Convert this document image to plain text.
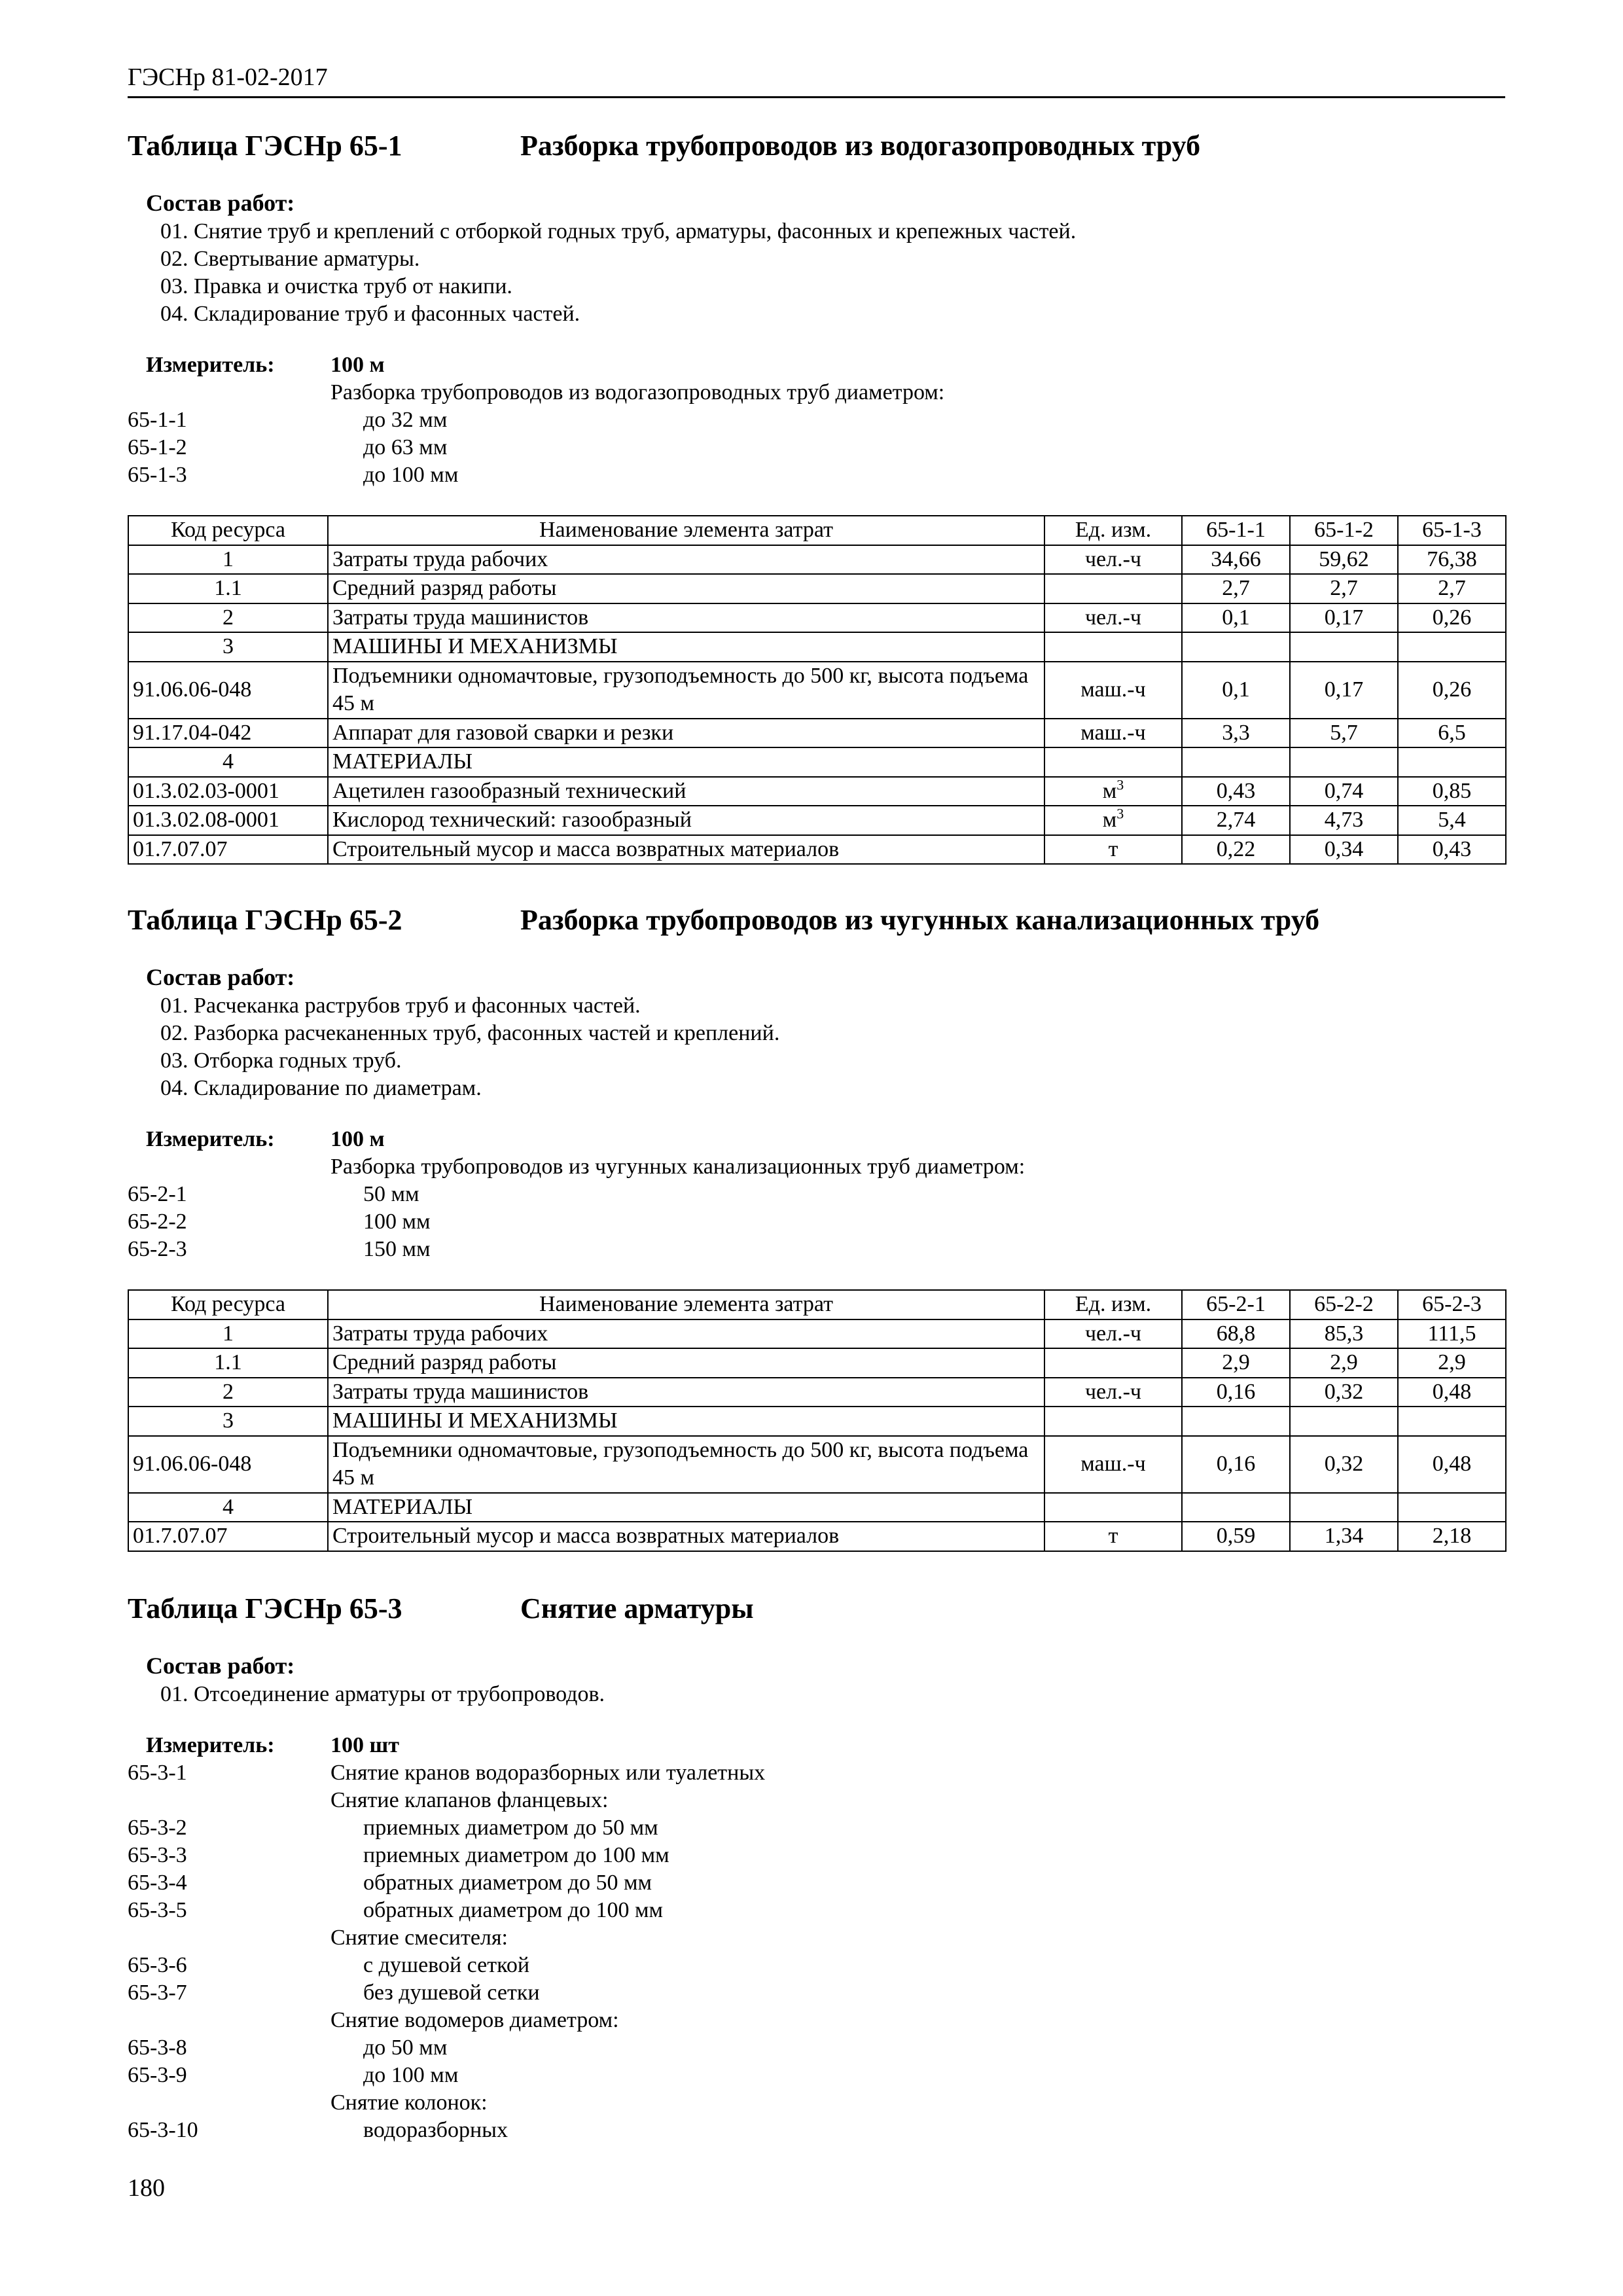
ГЭСНр 81-02-2017
Таблица ГЭСНр 65-1	Разборка трубопроводов из водогазопроводных труб
Состав работ:
01. Снятие труб и креплений с отборкой годных труб, арматуры, фасонных и крепежных частей.
02. Свертывание арматуры.
03. Правка и очистка труб от накипи.
04. Складирование труб и фасонных частей.
Измеритель:	100 м
Разборка трубопроводов из водогазопроводных труб диаметром:
65-1-1	до 32 мм
65-1-2	до 63 мм
65-1-3	до 100 мм
Код ресурса	Наименование элемента затрат	Ед. изм.	65-1-1	65-1-2	65-1-3
1	Затраты труда рабочих	чел.-ч	34,66	59,62	76,38
1.1	Средний разряд работы		2,7	2,7	2,7
2	Затраты труда машинистов	чел.-ч	0,1	0,17	0,26
3	МАШИНЫ И МЕХАНИЗМЫ				
91.06.06-048	Подъемники одномачтовые, грузоподъемность до 500 кг, высота подъема 45 м	маш.-ч	0,1	0,17	0,26
91.17.04-042	Аппарат для газовой сварки и резки	маш.-ч	3,3	5,7	6,5
4	МАТЕРИАЛЫ				
01.3.02.03-0001	Ацетилен газообразный технический	$м^3$	0,43	0,74	0,85
01.3.02.08-0001	Кислород технический: газообразный	$м^3$	2,74	4,73	5,4
01.7.07.07	Строительный мусор и масса возвратных материалов	т	0,22	0,34	0,43
Таблица ГЭСНр 65-2	Разборка трубопроводов из чугунных канализационных труб
Состав работ:
01. Расчеканка раструбов труб и фасонных частей.
02. Разборка расчеканенных труб, фасонных частей и креплений.
03. Отборка годных труб.
04. Складирование по диаметрам.
Измеритель:	100 м
Разборка трубопроводов из чугунных канализационных труб диаметром:
65-2-1	50 мм
65-2-2	100 мм
65-2-3	150 мм
Код ресурса	Наименование элемента затрат	Ед. изм.	65-2-1	65-2-2	65-2-3
1	Затраты труда рабочих	чел.-ч	68,8	85,3	111,5
1.1	Средний разряд работы		2,9	2,9	2,9
2	Затраты труда машинистов	чел.-ч	0,16	0,32	0,48
3	МАШИНЫ И МЕХАНИЗМЫ				
91.06.06-048	Подъемники одномачтовые, грузоподъемность до 500 кг, высота подъема 45 м	маш.-ч	0,16	0,32	0,48
4	МАТЕРИАЛЫ				
01.7.07.07	Строительный мусор и масса возвратных материалов	т	0,59	1,34	2,18
Таблица ГЭСНр 65-3	Снятие арматуры
Состав работ:
01. Отсоединение арматуры от трубопроводов.
Измеритель:	100 шт
65-3-1	Снятие кранов водоразборных или туалетных
Снятие клапанов фланцевых:
65-3-2	приемных диаметром до 50 мм
65-3-3	приемных диаметром до 100 мм
65-3-4	обратных диаметром до 50 мм
65-3-5	обратных диаметром до 100 мм
Снятие смесителя:
65-3-6	с душевой сеткой
65-3-7	без душевой сетки
Снятие водомеров диаметром:
65-3-8	до 50 мм
65-3-9	до 100 мм
Снятие колонок:
65-3-10	водоразборных
180
